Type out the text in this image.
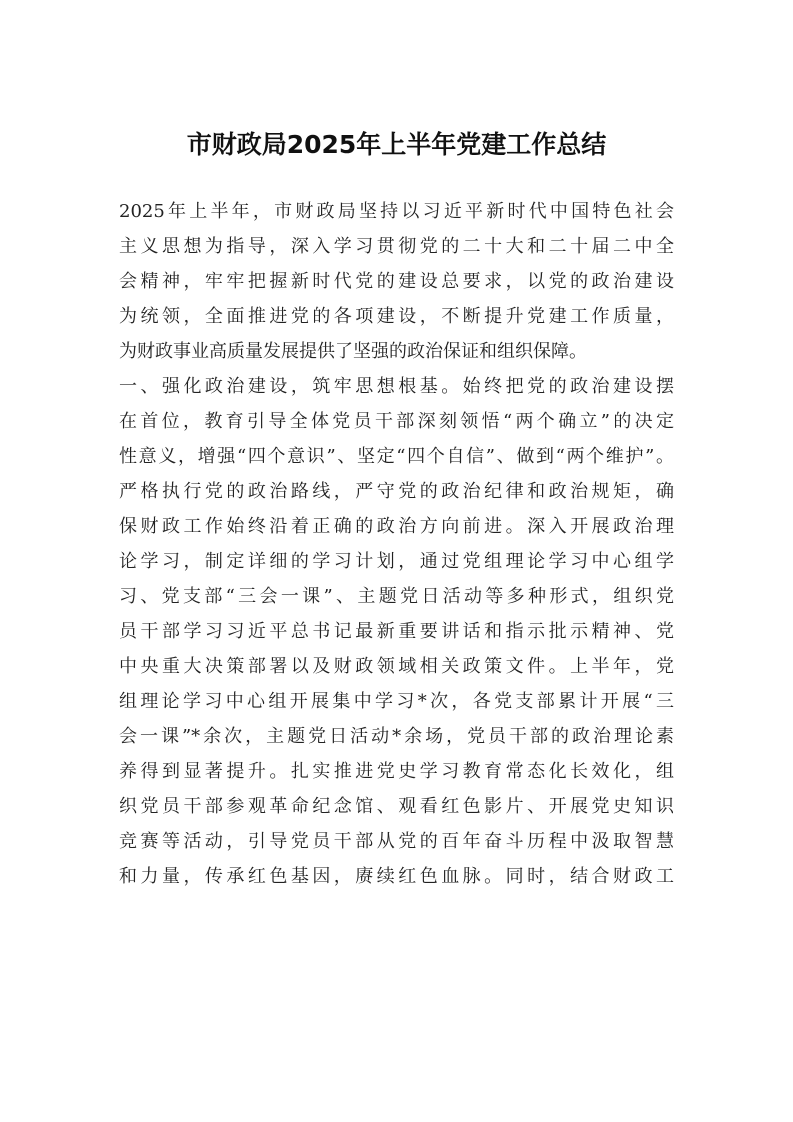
市财政局2025年上半年党建工作总结
2025年上半年，市财政局坚持以习近平新时代中国特色社会
主义思想为指导，深入学习贯彻党的二十大和二十届二中全
会精神，牢牢把握新时代党的建设总要求，以党的政治建设
为统领，全面推进党的各项建设，不断提升党建工作质量，
为财政事业高质量发展提供了坚强的政治保证和组织保障。
一、强化政治建设，筑牢思想根基。始终把党的政治建设摆
在首位，教育引导全体党员干部深刻领悟“两个确立”的决定
性意义，增强“四个意识”、坚定“四个自信”、做到“两个维护”。
严格执行党的政治路线，严守党的政治纪律和政治规矩，确
保财政工作始终沿着正确的政治方向前进。深入开展政治理
论学习，制定详细的学习计划，通过党组理论学习中心组学
习、党支部“三会一课”、主题党日活动等多种形式，组织党
员干部学习习近平总书记最新重要讲话和指示批示精神、党
中央重大决策部署以及财政领域相关政策文件。上半年，党
组理论学习中心组开展集中学习*次，各党支部累计开展“三
会一课”*余次，主题党日活动*余场，党员干部的政治理论素
养得到显著提升。扎实推进党史学习教育常态化长效化，组
织党员干部参观革命纪念馆、观看红色影片、开展党史知识
竞赛等活动，引导党员干部从党的百年奋斗历程中汲取智慧
和力量，传承红色基因，赓续红色血脉。同时，结合财政工
